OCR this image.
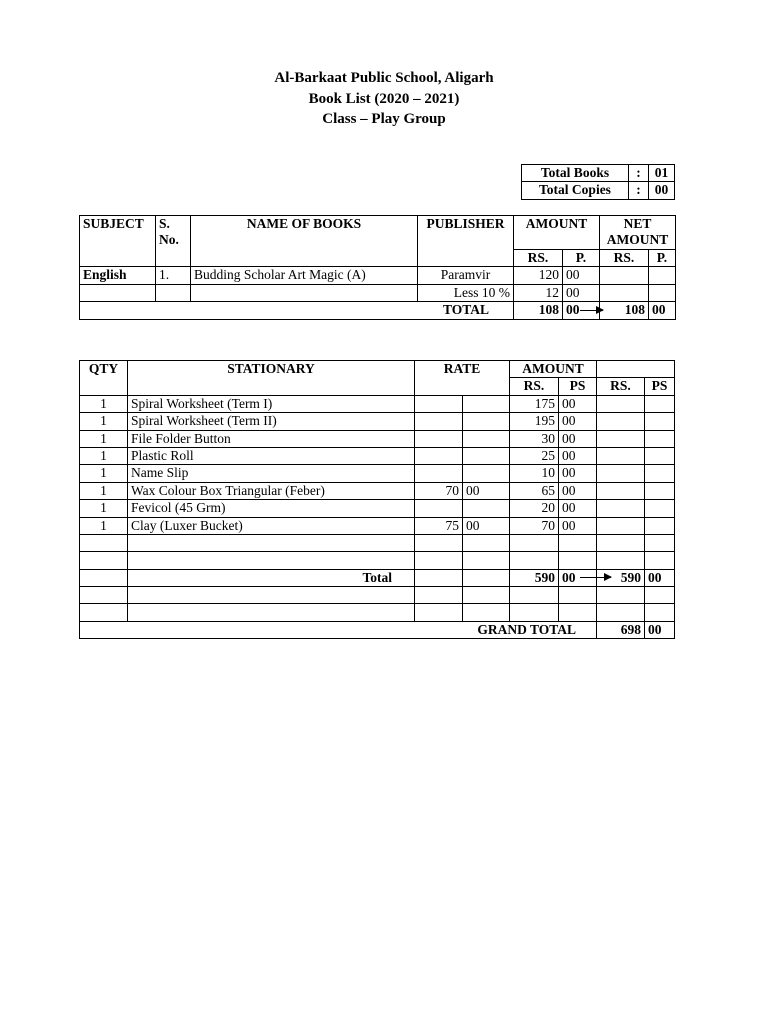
Al-Barkaat Public School, Aligarh
Book List (2020 – 2021)
Class – Play Group
Total Books	:	01
Total Copies	:	00
SUBJECT	S. No.	NAME OF BOOKS	PUBLISHER	AMOUNT		NET AMOUNT	
				RS.	P.	RS.	P.
English	1.	Budding Scholar Art Magic (A)	Paramvir	120	00		
			Less 10 %	12	00		
TOTAL				108	00	108	00
QTY	STATIONARY	RATE		AMOUNT			
				RS.	PS	RS.	PS
1	Spiral Worksheet (Term I)			175	00		
1	Spiral Worksheet (Term II)			195	00		
1	File Folder Button			30	00		
1	Plastic Roll			25	00		
1	Name Slip			10	00		
1	Wax Colour Box Triangular (Feber)	70	00	65	00		
1	Fevicol (45 Grm)			20	00		
1	Clay (Luxer Bucket)	75	00	70	00		

	Total			590	00	590	00

GRAND TOTAL						698	00
